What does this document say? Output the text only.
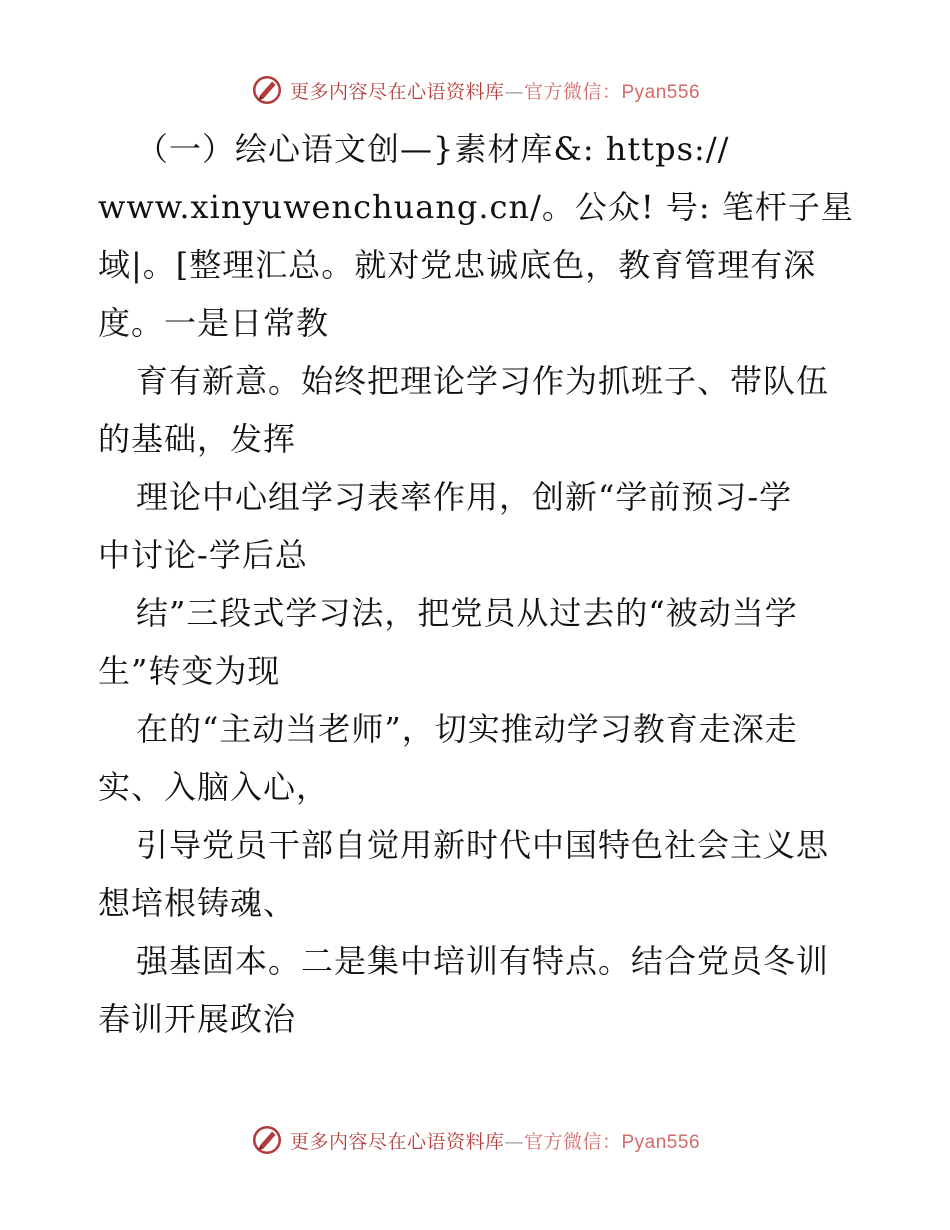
更多内容尽在心语资料库—官方微信：Pyan556
（一）绘心语文创—}素材库&: https://
www.xinyuwenchuang.cn/。公众! 号: 笔杆子星
域|。[整理汇总。就对党忠诚底色，教育管理有深
度。一是日常教
育有新意。始终把理论学习作为抓班子、带队伍
的基础，发挥
理论中心组学习表率作用，创新“学前预习-学
中讨论-学后总
结”三段式学习法，把党员从过去的“被动当学
生”转变为现
在的“主动当老师”，切实推动学习教育走深走
实、入脑入心，
引导党员干部自觉用新时代中国特色社会主义思
想培根铸魂、
强基固本。二是集中培训有特点。结合党员冬训
春训开展政治
更多内容尽在心语资料库—官方微信：Pyan556
